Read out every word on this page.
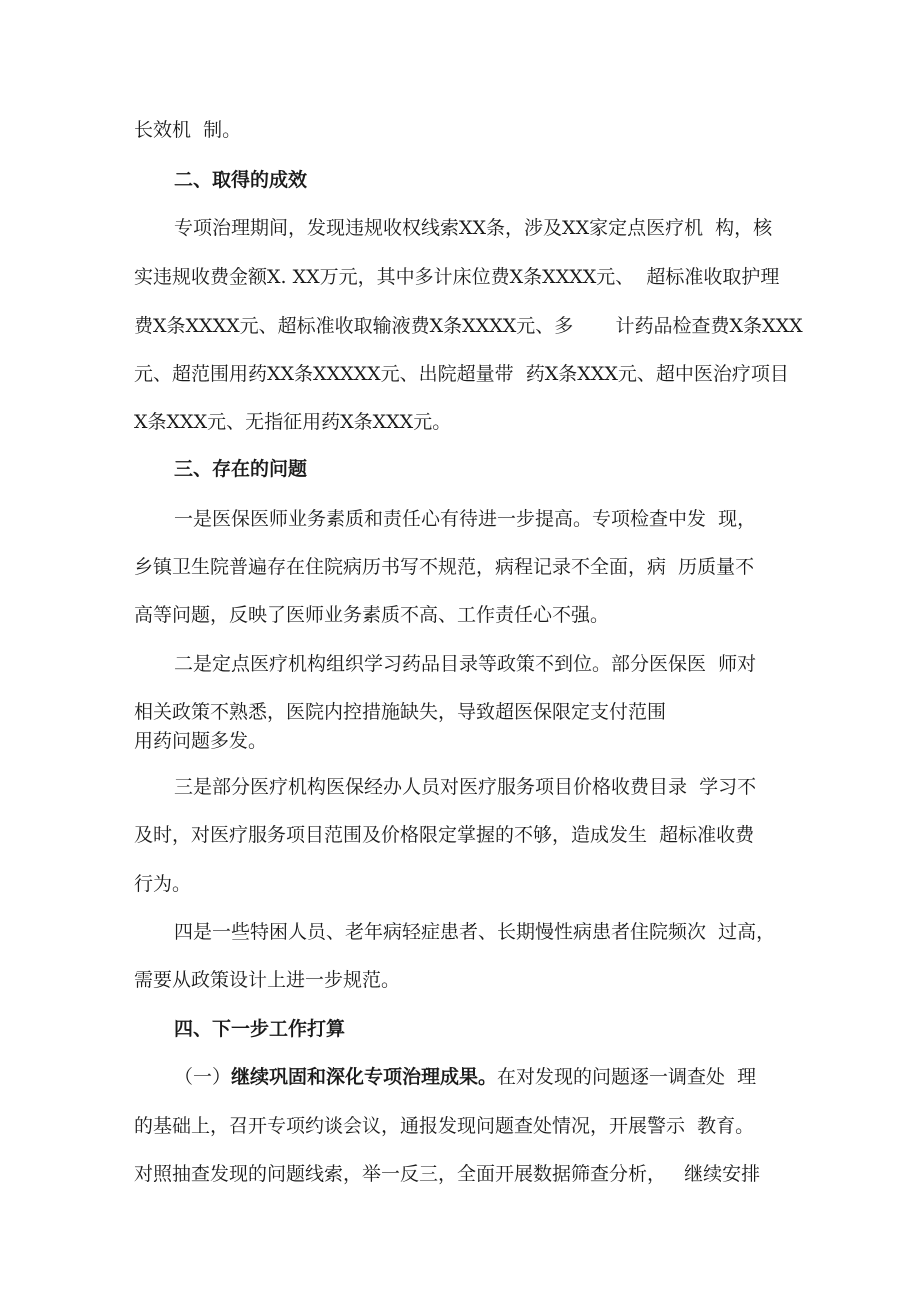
长效机  制。
二、取得的成效
专项治理期间，发现违规收权线索XX条，涉及XX家定点医疗机  构，核
实违规收费金额X. XX万元，其中多计床位费X条XXXX元、  超标准收取护理
费X条XXXX元、超标准收取输液费X条XXXX元、多       计药品检查费X条XXX
元、超范围用药XX条XXXXX元、出院超量带  药X条XXX元、超中医治疗项目
X条XXX元、无指征用药X条XXX元。
三、存在的问题
一是医保医师业务素质和责任心有待进一步提高。专项检查中发  现，
乡镇卫生院普遍存在住院病历书写不规范，病程记录不全面，病  历质量不
高等问题，反映了医师业务素质不高、工作责任心不强。
二是定点医疗机构组织学习药品目录等政策不到位。部分医保医  师对
相关政策不熟悉，医院内控措施缺失，导致超医保限定支付范围
用药问题多发。
三是部分医疗机构医保经办人员对医疗服务项目价格收费目录  学习不
及时，对医疗服务项目范围及价格限定掌握的不够，造成发生  超标准收费
行为。
四是一些特困人员、老年病轻症患者、长期慢性病患者住院频次  过高，
需要从政策设计上进一步规范。
四、下一步工作打算
（一）继续巩固和深化专项治理成果。在对发现的问题逐一调查处  理
的基础上，召开专项约谈会议，通报发现问题查处情况，开展警示  教育。
对照抽查发现的问题线索，举一反三，全面开展数据筛查分析，   继续安排
